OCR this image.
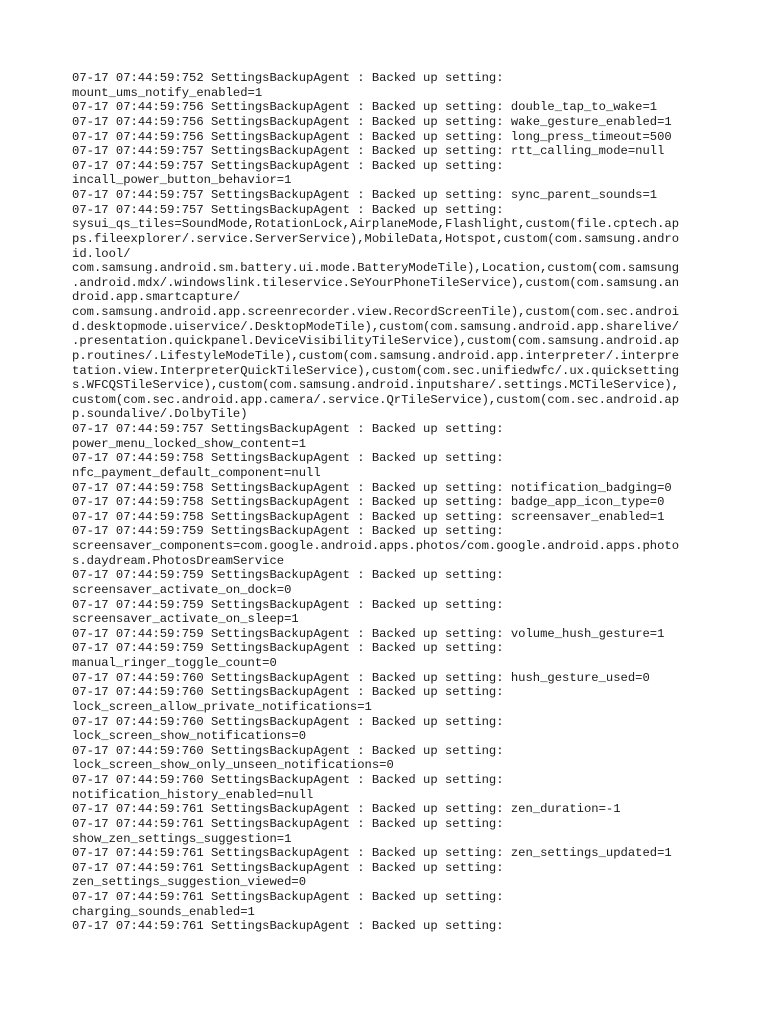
07-17 07:44:59:752 SettingsBackupAgent : Backed up setting:
mount_ums_notify_enabled=1
07-17 07:44:59:756 SettingsBackupAgent : Backed up setting: double_tap_to_wake=1
07-17 07:44:59:756 SettingsBackupAgent : Backed up setting: wake_gesture_enabled=1
07-17 07:44:59:756 SettingsBackupAgent : Backed up setting: long_press_timeout=500
07-17 07:44:59:757 SettingsBackupAgent : Backed up setting: rtt_calling_mode=null
07-17 07:44:59:757 SettingsBackupAgent : Backed up setting:
incall_power_button_behavior=1
07-17 07:44:59:757 SettingsBackupAgent : Backed up setting: sync_parent_sounds=1
07-17 07:44:59:757 SettingsBackupAgent : Backed up setting:
sysui_qs_tiles=SoundMode,RotationLock,AirplaneMode,Flashlight,custom(file.cptech.ap
ps.fileexplorer/.service.ServerService),MobileData,Hotspot,custom(com.samsung.andro
id.lool/
com.samsung.android.sm.battery.ui.mode.BatteryModeTile),Location,custom(com.samsung
.android.mdx/.windowslink.tileservice.SeYourPhoneTileService),custom(com.samsung.an
droid.app.smartcapture/
com.samsung.android.app.screenrecorder.view.RecordScreenTile),custom(com.sec.androi
d.desktopmode.uiservice/.DesktopModeTile),custom(com.samsung.android.app.sharelive/
.presentation.quickpanel.DeviceVisibilityTileService),custom(com.samsung.android.ap
p.routines/.LifestyleModeTile),custom(com.samsung.android.app.interpreter/.interpre
tation.view.InterpreterQuickTileService),custom(com.sec.unifiedwfc/.ux.quicksetting
s.WFCQSTileService),custom(com.samsung.android.inputshare/.settings.MCTileService),
custom(com.sec.android.app.camera/.service.QrTileService),custom(com.sec.android.ap
p.soundalive/.DolbyTile)
07-17 07:44:59:757 SettingsBackupAgent : Backed up setting:
power_menu_locked_show_content=1
07-17 07:44:59:758 SettingsBackupAgent : Backed up setting:
nfc_payment_default_component=null
07-17 07:44:59:758 SettingsBackupAgent : Backed up setting: notification_badging=0
07-17 07:44:59:758 SettingsBackupAgent : Backed up setting: badge_app_icon_type=0
07-17 07:44:59:758 SettingsBackupAgent : Backed up setting: screensaver_enabled=1
07-17 07:44:59:759 SettingsBackupAgent : Backed up setting:
screensaver_components=com.google.android.apps.photos/com.google.android.apps.photo
s.daydream.PhotosDreamService
07-17 07:44:59:759 SettingsBackupAgent : Backed up setting:
screensaver_activate_on_dock=0
07-17 07:44:59:759 SettingsBackupAgent : Backed up setting:
screensaver_activate_on_sleep=1
07-17 07:44:59:759 SettingsBackupAgent : Backed up setting: volume_hush_gesture=1
07-17 07:44:59:759 SettingsBackupAgent : Backed up setting:
manual_ringer_toggle_count=0
07-17 07:44:59:760 SettingsBackupAgent : Backed up setting: hush_gesture_used=0
07-17 07:44:59:760 SettingsBackupAgent : Backed up setting:
lock_screen_allow_private_notifications=1
07-17 07:44:59:760 SettingsBackupAgent : Backed up setting:
lock_screen_show_notifications=0
07-17 07:44:59:760 SettingsBackupAgent : Backed up setting:
lock_screen_show_only_unseen_notifications=0
07-17 07:44:59:760 SettingsBackupAgent : Backed up setting:
notification_history_enabled=null
07-17 07:44:59:761 SettingsBackupAgent : Backed up setting: zen_duration=-1
07-17 07:44:59:761 SettingsBackupAgent : Backed up setting:
show_zen_settings_suggestion=1
07-17 07:44:59:761 SettingsBackupAgent : Backed up setting: zen_settings_updated=1
07-17 07:44:59:761 SettingsBackupAgent : Backed up setting:
zen_settings_suggestion_viewed=0
07-17 07:44:59:761 SettingsBackupAgent : Backed up setting:
charging_sounds_enabled=1
07-17 07:44:59:761 SettingsBackupAgent : Backed up setting:
